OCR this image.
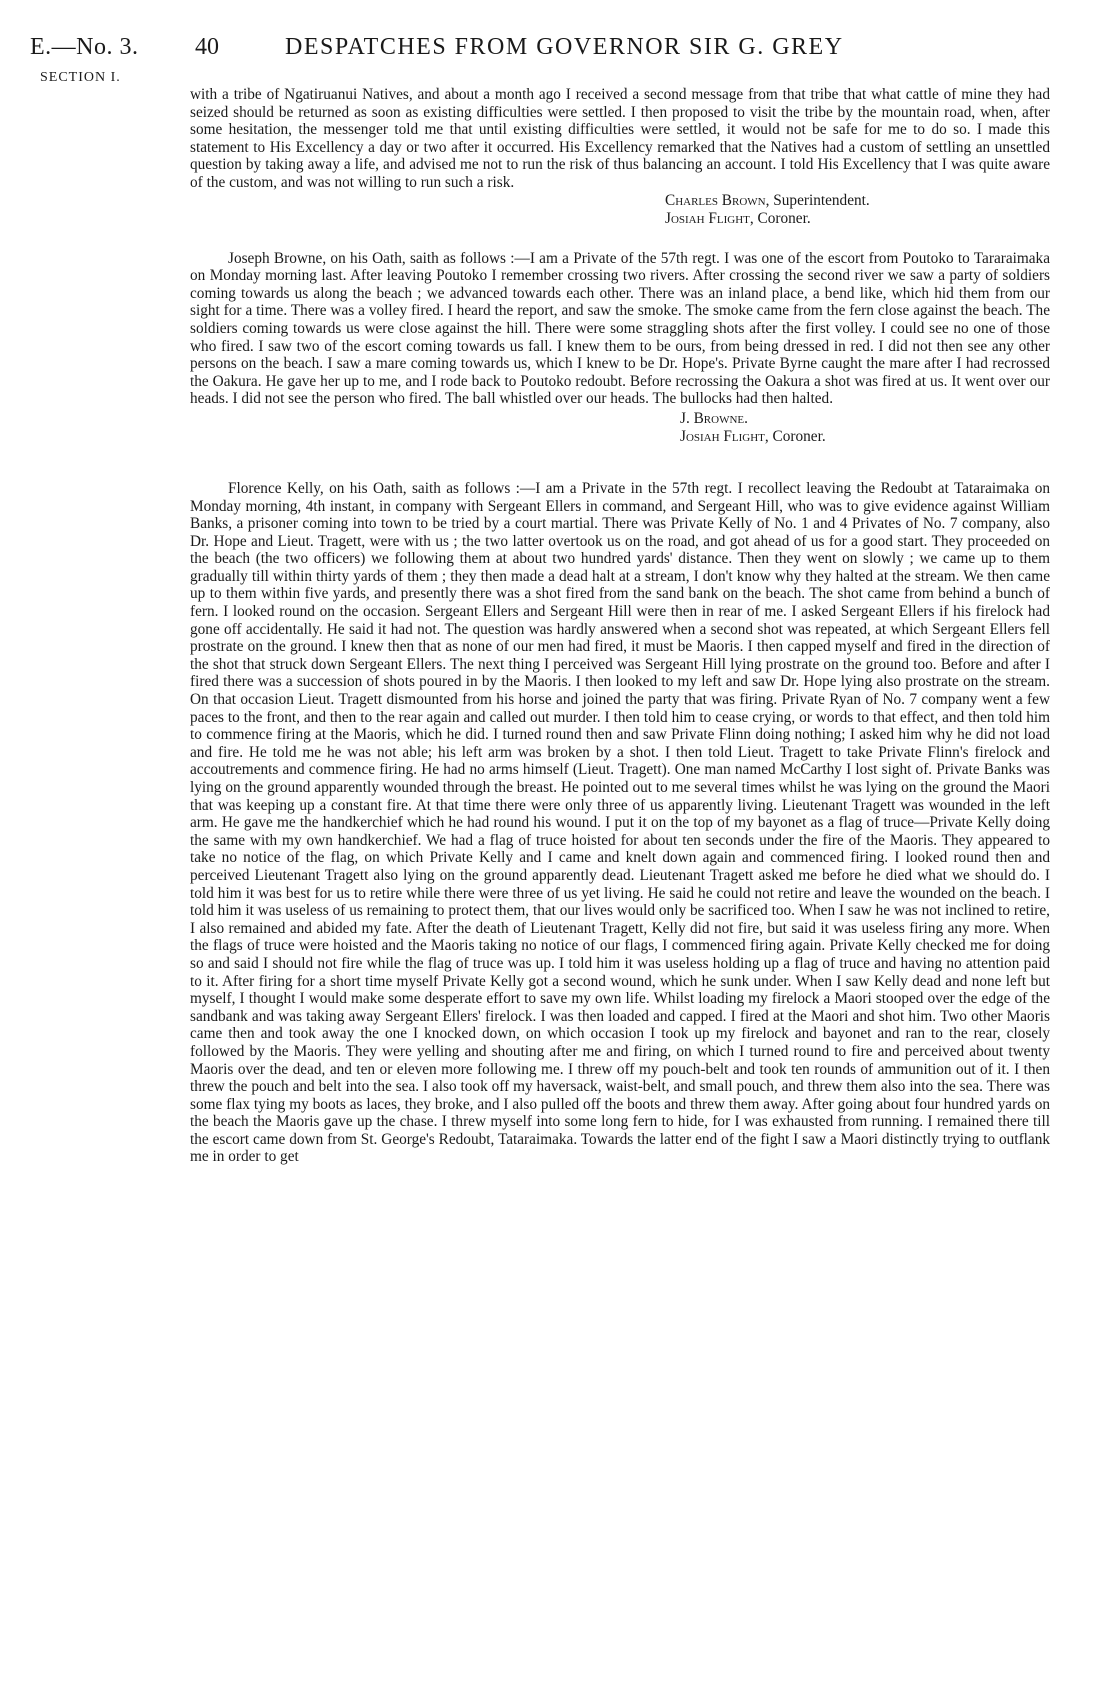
E.—No. 3.
SECTION I.
40	DESPATCHES FROM GOVERNOR SIR G. GREY

with a tribe of Ngatiruanui Natives, and about a month ago I received a second message from that tribe that what cattle of mine they had seized should be returned as soon as existing difficulties were settled. I then proposed to visit the tribe by the mountain road, when, after some hesitation, the messenger told me that until existing difficulties were settled, it would not be safe for me to do so. I made this statement to His Excellency a day or two after it occurred. His Excellency remarked that the Natives had a custom of settling an unsettled question by taking away a life, and advised me not to run the risk of thus balancing an account. I told His Excellency that I was quite aware of the custom, and was not willing to run such a risk.

Charles Brown, Superintendent.
Josiah Flight, Coroner.

Joseph Browne, on his Oath, saith as follows :—I am a Private of the 57th regt. I was one of the escort from Poutoko to Tararaimaka on Monday morning last. After leaving Poutoko I remember crossing two rivers. After crossing the second river we saw a party of soldiers coming towards us along the beach ; we advanced towards each other. There was an inland place, a bend like, which hid them from our sight for a time. There was a volley fired. I heard the report, and saw the smoke. The smoke came from the fern close against the beach. The soldiers coming towards us were close against the hill. There were some straggling shots after the first volley. I could see no one of those who fired. I saw two of the escort coming towards us fall. I knew them to be ours, from being dressed in red. I did not then see any other persons on the beach. I saw a mare coming towards us, which I knew to be Dr. Hope's. Private Byrne caught the mare after I had recrossed the Oakura. He gave her up to me, and I rode back to Poutoko redoubt. Before recrossing the Oakura a shot was fired at us. It went over our heads. I did not see the person who fired. The ball whistled over our heads. The bullocks had then halted.

J. Browne.
Josiah Flight, Coroner.

Florence Kelly, on his Oath, saith as follows :—I am a Private in the 57th regt. I recollect leaving the Redoubt at Tataraimaka on Monday morning, 4th instant, in company with Sergeant Ellers in command, and Sergeant Hill, who was to give evidence against William Banks, a prisoner coming into town to be tried by a court martial. There was Private Kelly of No. 1 and 4 Privates of No. 7 company, also Dr. Hope and Lieut. Tragett, were with us ; the two latter overtook us on the road, and got ahead of us for a good start. They proceeded on the beach (the two officers) we following them at about two hundred yards' distance. Then they went on slowly ; we came up to them gradually till within thirty yards of them ; they then made a dead halt at a stream, I don't know why they halted at the stream. We then came up to them within five yards, and presently there was a shot fired from the sand bank on the beach. The shot came from behind a bunch of fern. I looked round on the occasion. Sergeant Ellers and Sergeant Hill were then in rear of me. I asked Sergeant Ellers if his firelock had gone off accidentally. He said it had not. The question was hardly answered when a second shot was repeated, at which Sergeant Ellers fell prostrate on the ground. I knew then that as none of our men had fired, it must be Maoris. I then capped myself and fired in the direction of the shot that struck down Sergeant Ellers. The next thing I perceived was Sergeant Hill lying prostrate on the ground too. Before and after I fired there was a succession of shots poured in by the Maoris. I then looked to my left and saw Dr. Hope lying also prostrate on the stream. On that occasion Lieut. Tragett dismounted from his horse and joined the party that was firing. Private Ryan of No. 7 company went a few paces to the front, and then to the rear again and called out murder. I then told him to cease crying, or words to that effect, and then told him to commence firing at the Maoris, which he did. I turned round then and saw Private Flinn doing nothing; I asked him why he did not load and fire. He told me he was not able; his left arm was broken by a shot. I then told Lieut. Tragett to take Private Flinn's firelock and accoutrements and commence firing. He had no arms himself (Lieut. Tragett). One man named McCarthy I lost sight of. Private Banks was lying on the ground apparently wounded through the breast. He pointed out to me several times whilst he was lying on the ground the Maori that was keeping up a constant fire. At that time there were only three of us apparently living. Lieutenant Tragett was wounded in the left arm. He gave me the handkerchief which he had round his wound. I put it on the top of my bayonet as a flag of truce—Private Kelly doing the same with my own handkerchief. We had a flag of truce hoisted for about ten seconds under the fire of the Maoris. They appeared to take no notice of the flag, on which Private Kelly and I came and knelt down again and commenced firing. I looked round then and perceived Lieutenant Tragett also lying on the ground apparently dead. Lieutenant Tragett asked me before he died what we should do. I told him it was best for us to retire while there were three of us yet living. He said he could not retire and leave the wounded on the beach. I told him it was useless of us remaining to protect them, that our lives would only be sacrificed too. When I saw he was not inclined to retire, I also remained and abided my fate. After the death of Lieutenant Tragett, Kelly did not fire, but said it was useless firing any more. When the flags of truce were hoisted and the Maoris taking no notice of our flags, I commenced firing again. Private Kelly checked me for doing so and said I should not fire while the flag of truce was up. I told him it was useless holding up a flag of truce and having no attention paid to it. After firing for a short time myself Private Kelly got a second wound, which he sunk under. When I saw Kelly dead and none left but myself, I thought I would make some desperate effort to save my own life. Whilst loading my firelock a Maori stooped over the edge of the sandbank and was taking away Sergeant Ellers' firelock. I was then loaded and capped. I fired at the Maori and shot him. Two other Maoris came then and took away the one I knocked down, on which occasion I took up my firelock and bayonet and ran to the rear, closely followed by the Maoris. They were yelling and shouting after me and firing, on which I turned round to fire and perceived about twenty Maoris over the dead, and ten or eleven more following me. I threw off my pouch-belt and took ten rounds of ammunition out of it. I then threw the pouch and belt into the sea. I also took off my haversack, waist-belt, and small pouch, and threw them also into the sea. There was some flax tying my boots as laces, they broke, and I also pulled off the boots and threw them away. After going about four hundred yards on the beach the Maoris gave up the chase. I threw myself into some long fern to hide, for I was exhausted from running. I remained there till the escort came down from St. George's Redoubt, Tataraimaka. Towards the latter end of the fight I saw a Maori distinctly trying to outflank me in order to get
